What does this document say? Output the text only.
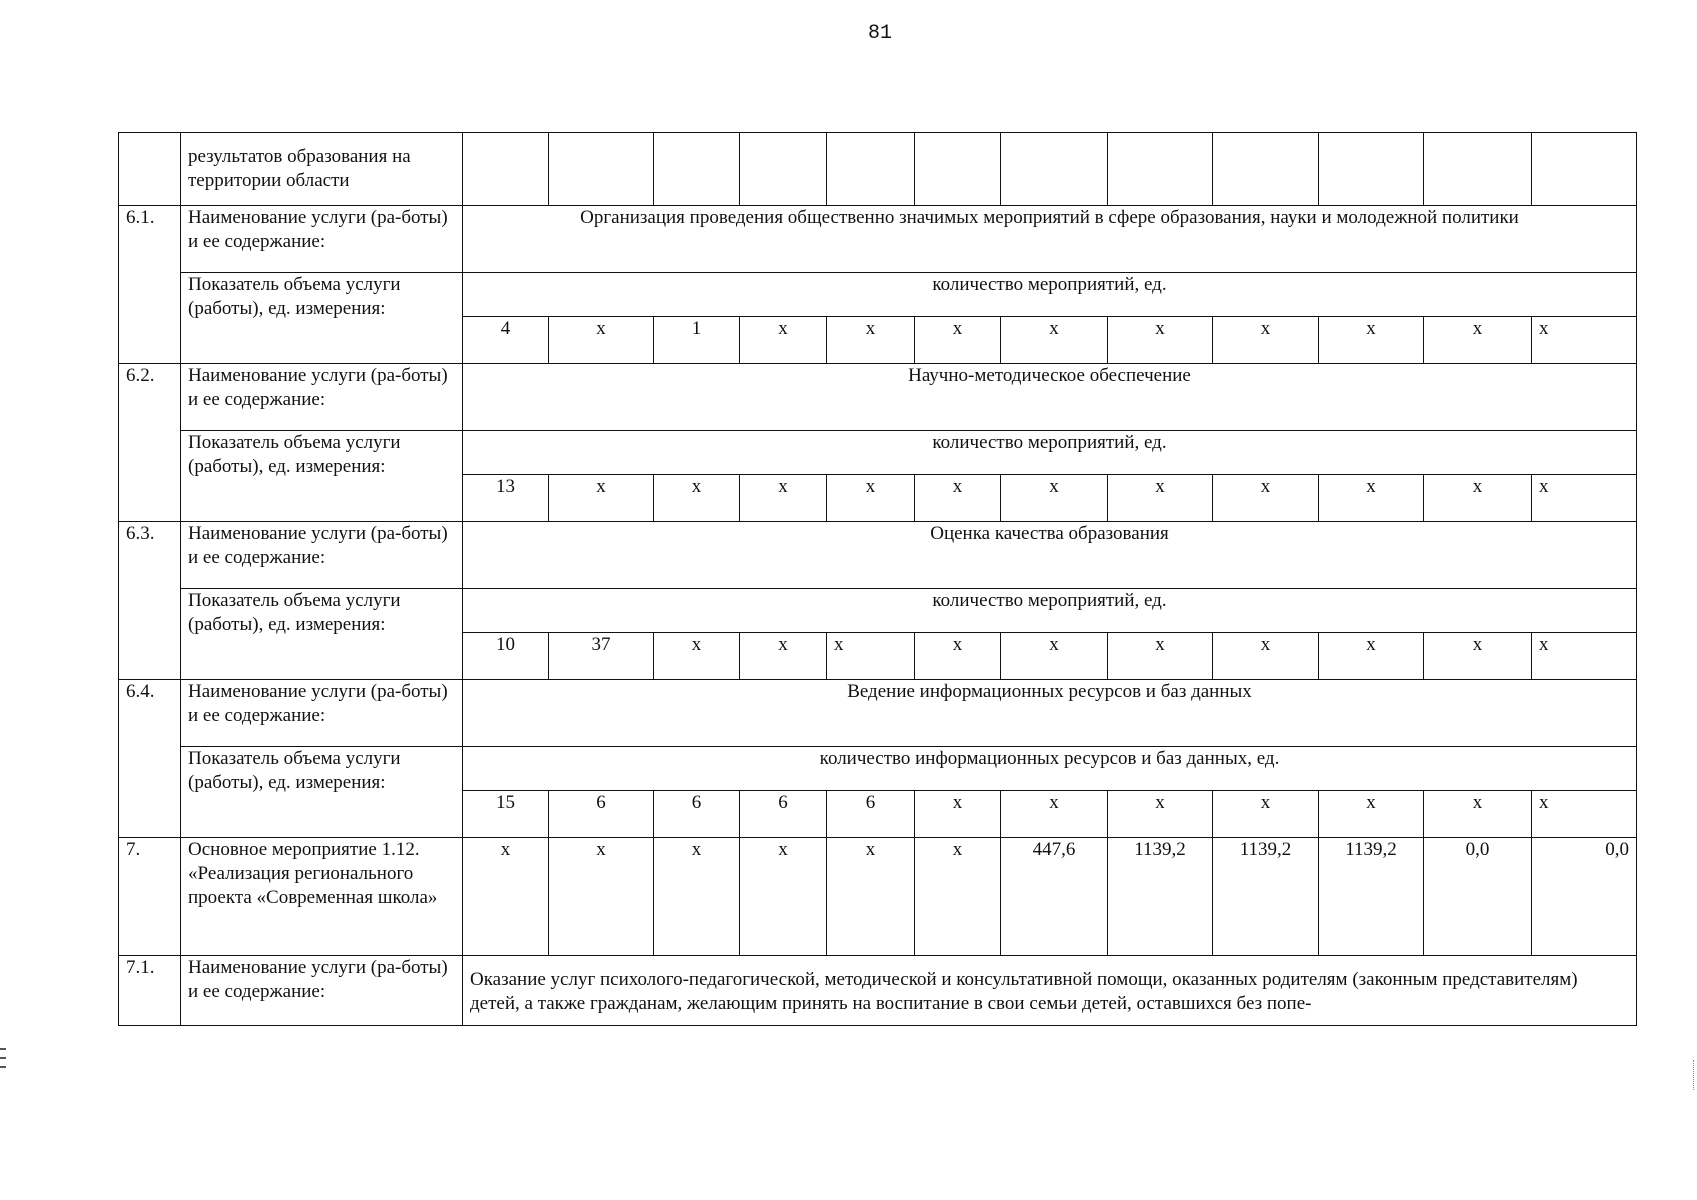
81
	результатов образования на территории области												
6.1.	Наименование услуги (ра-боты) и ее содержание:	Организация проведения общественно значимых мероприятий в сфере образования, науки и молодежной политики											
	Показатель объема услуги (работы), ед. измерения:	количество мероприятий, ед.											
		4	x	1	x	x	x	x	x	x	x	x	x
6.2.	Наименование услуги (ра-боты) и ее содержание:	Научно-методическое обеспечение											
	Показатель объема услуги (работы), ед. измерения:	количество мероприятий, ед.											
		13	x	x	x	x	x	x	x	x	x	x	x
6.3.	Наименование услуги (ра-боты) и ее содержание:	Оценка качества образования											
	Показатель объема услуги (работы), ед. измерения:	количество мероприятий, ед.											
		10	37	x	x	x	x	x	x	x	x	x	x
6.4.	Наименование услуги (ра-боты) и ее содержание:	Ведение информационных ресурсов и баз данных											
	Показатель объема услуги (работы), ед. измерения:	количество информационных ресурсов и баз данных, ед.											
		15	6	6	6	6	x	x	x	x	x	x	x
7.	Основное мероприятие 1.12. «Реализация регионального проекта «Современная школа»	x	x	x	x	x	x	447,6	1139,2	1139,2	1139,2	0,0	0,0
7.1.	Наименование услуги (ра-боты) и ее содержание:	Оказание услуг психолого-педагогической, методической и консультативной помощи, оказанных родителям (законным представителям) детей, а также гражданам, желающим принять на воспитание в свои семьи детей, оставшихся без попе-											
